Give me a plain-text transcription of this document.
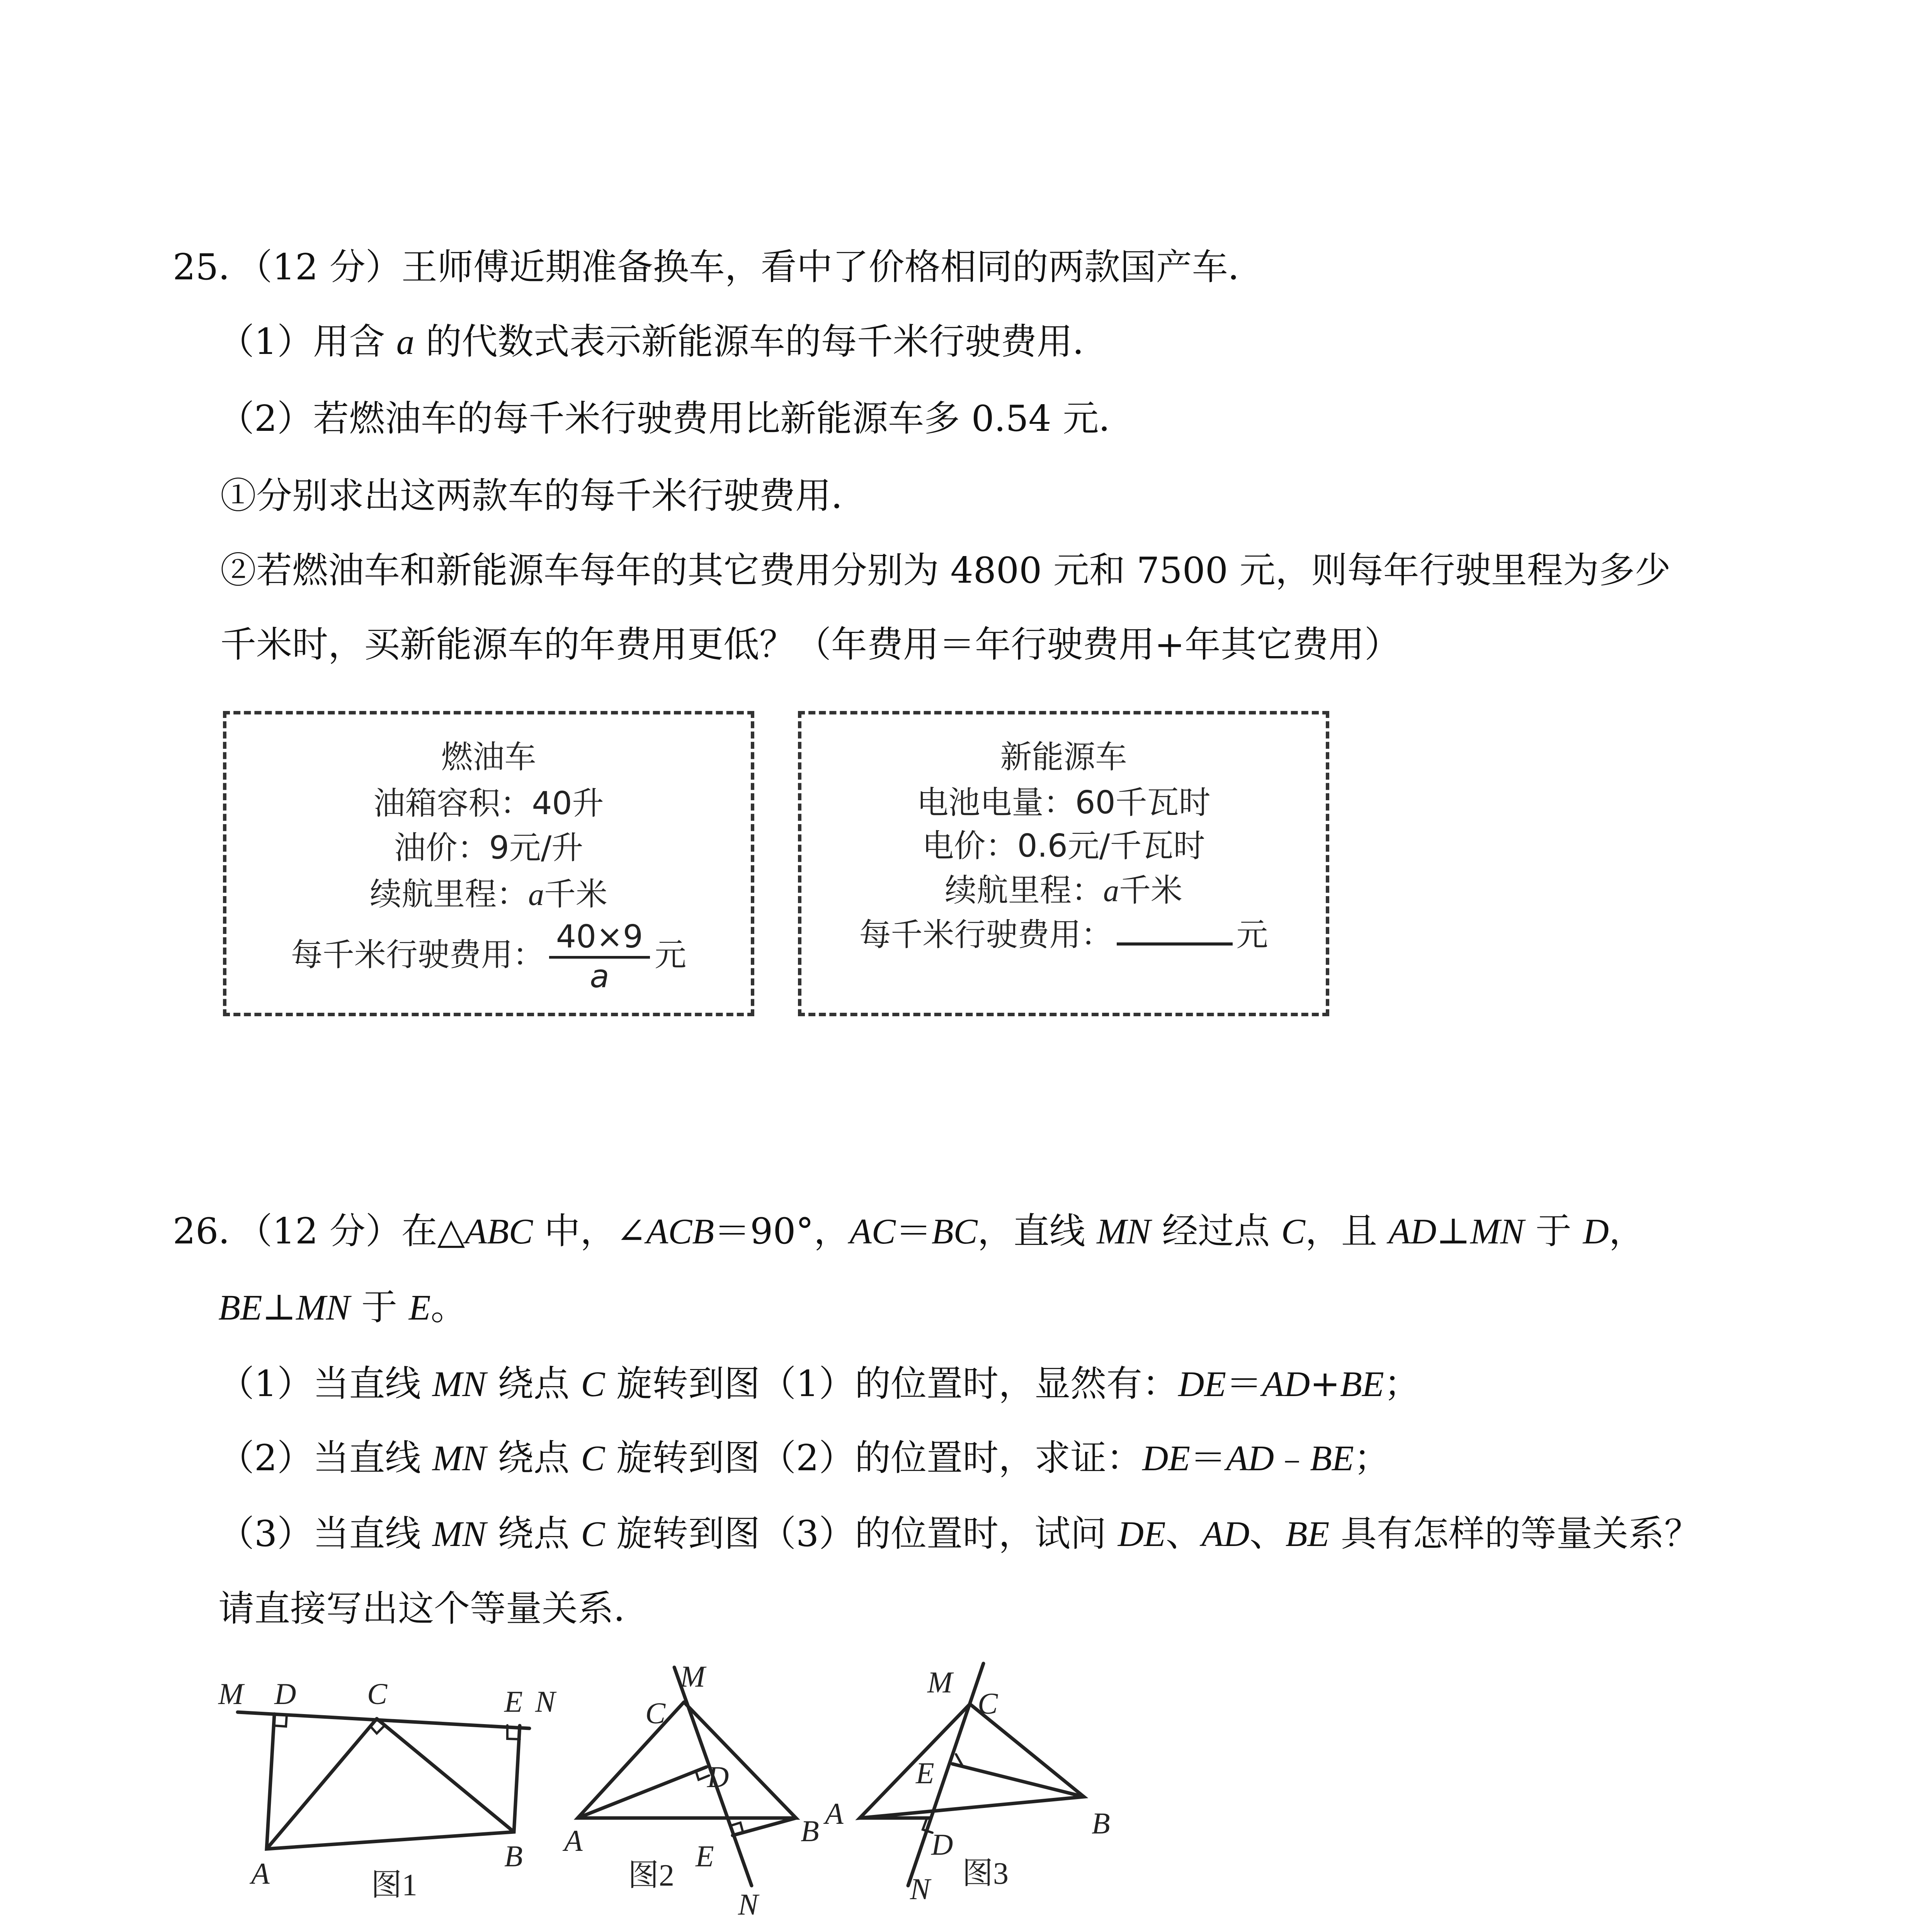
25．（12 分）王师傅近期准备换车，看中了价格相同的两款国产车．
（1）用含 a 的代数式表示新能源车的每千米行驶费用．
（2）若燃油车的每千米行驶费用比新能源车多 0.54 元．
①分别求出这两款车的每千米行驶费用．
②若燃油车和新能源车每年的其它费用分别为 4800 元和 7500 元，则每年行驶里程为多少
千米时，买新能源车的年费用更低？（年费用＝年行驶费用+年其它费用）
燃油车
油箱容积：40升
油价：9元/升
续航里程：a千米
每千米行驶费用： $\frac{40\times 9}{a}$ 元
新能源车
电池电量：60千瓦时
电价：0.6元/千瓦时
续航里程：a千米
每千米行驶费用：	元
26．（12 分）在△ABC 中，∠ACB＝90°，AC＝BC，直线 MN 经过点 C，且 AD⊥MN 于 D，
BE⊥MN 于 E。
（1）当直线 MN 绕点 C 旋转到图（1）的位置时，显然有：DE＝AD+BE；
（2）当直线 MN 绕点 C 旋转到图（2）的位置时，求证：DE＝AD﹣BE；
（3）当直线 MN 绕点 C 旋转到图（3）的位置时，试问 DE、AD、BE 具有怎样的等量关系？
请直接写出这个等量关系．
M D C	E N
A
B
M
C
D
A	E
B
N
M
C
E
A
D
B
N
图1	图2	图3
